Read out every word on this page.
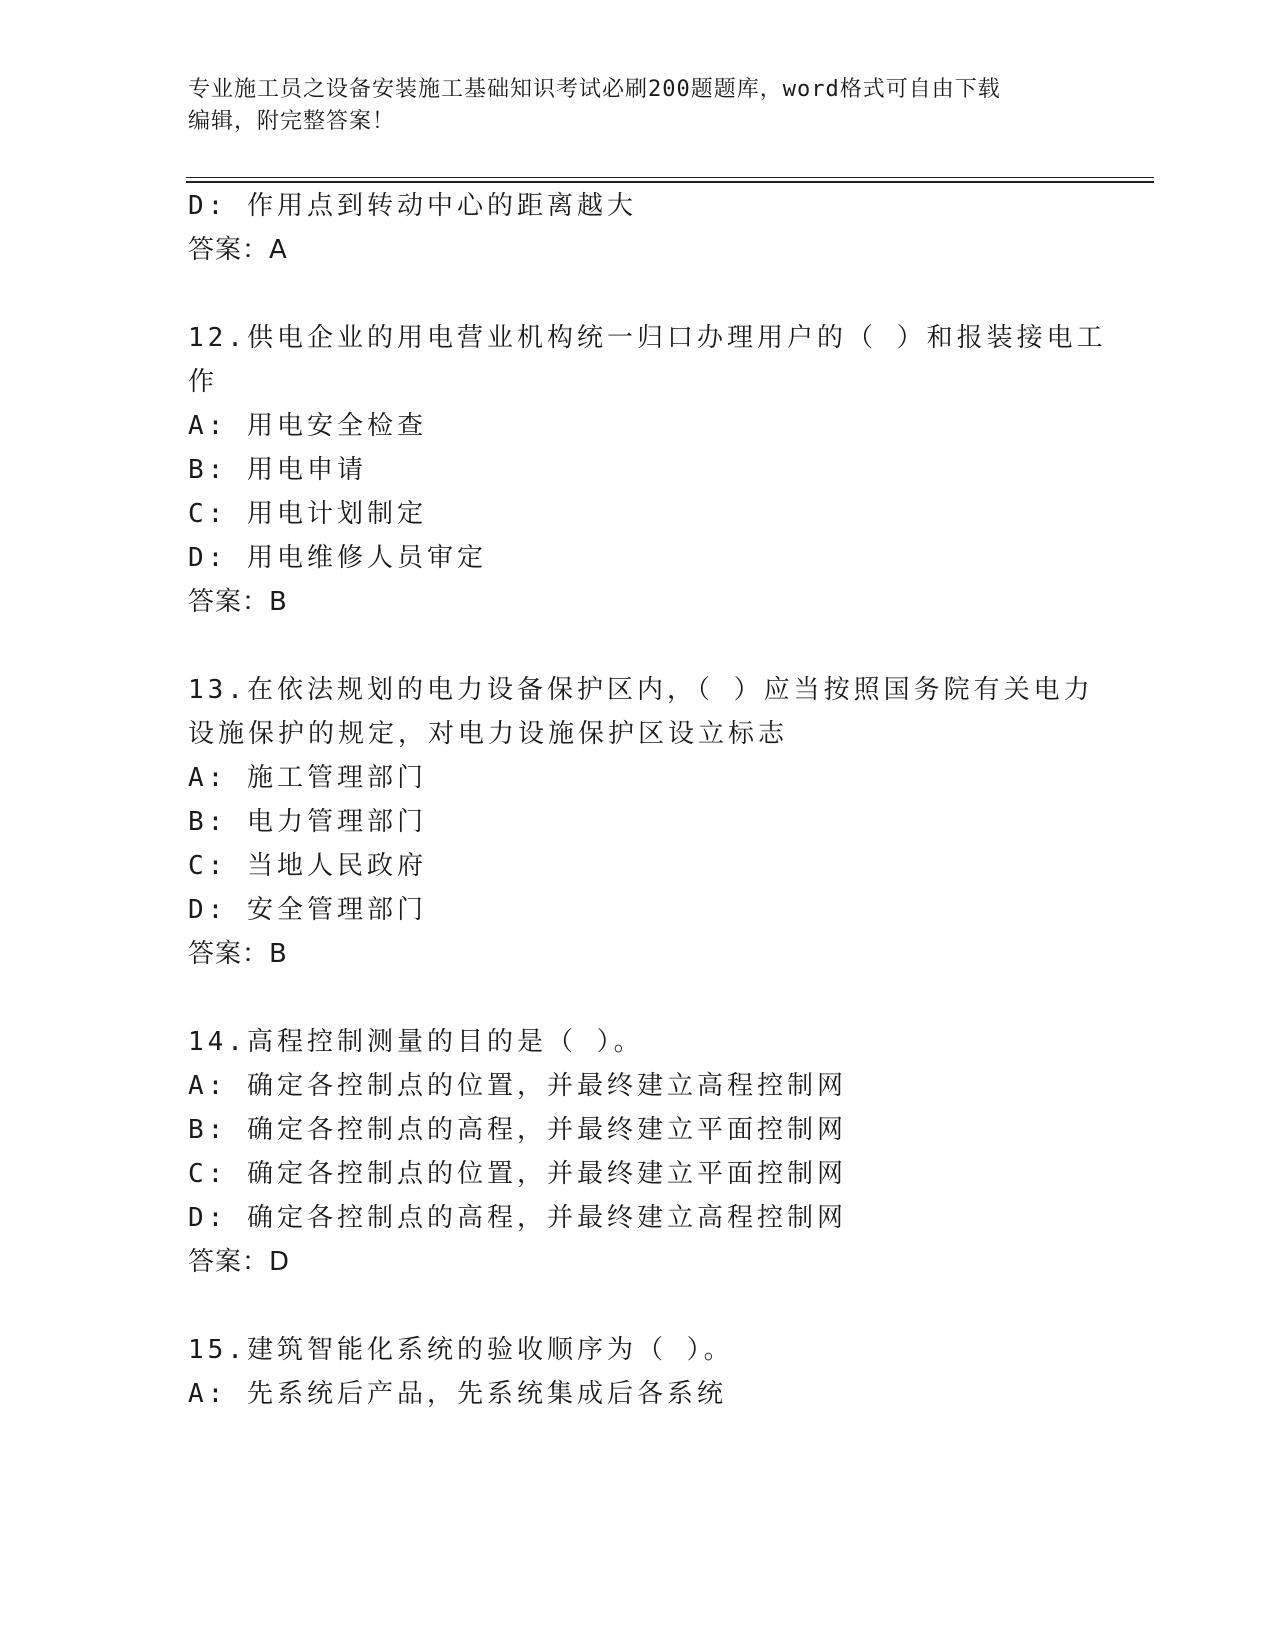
专业施工员之设备安装施工基础知识考试必刷200题题库，word格式可自由下载
编辑，附完整答案！
D: 作用点到转动中心的距离越大
答案：A
12.供电企业的用电营业机构统一归口办理用户的（ ）和报装接电工
作
A: 用电安全检查
B: 用电申请
C: 用电计划制定
D: 用电维修人员审定
答案：B
13.在依法规划的电力设备保护区内，（ ）应当按照国务院有关电力
设施保护的规定，对电力设施保护区设立标志
A: 施工管理部门
B: 电力管理部门
C: 当地人民政府
D: 安全管理部门
答案：B
14.高程控制测量的目的是（ ）。
A: 确定各控制点的位置，并最终建立高程控制网
B: 确定各控制点的高程，并最终建立平面控制网
C: 确定各控制点的位置，并最终建立平面控制网
D: 确定各控制点的高程，并最终建立高程控制网
答案：D
15.建筑智能化系统的验收顺序为（ ）。
A: 先系统后产品，先系统集成后各系统
